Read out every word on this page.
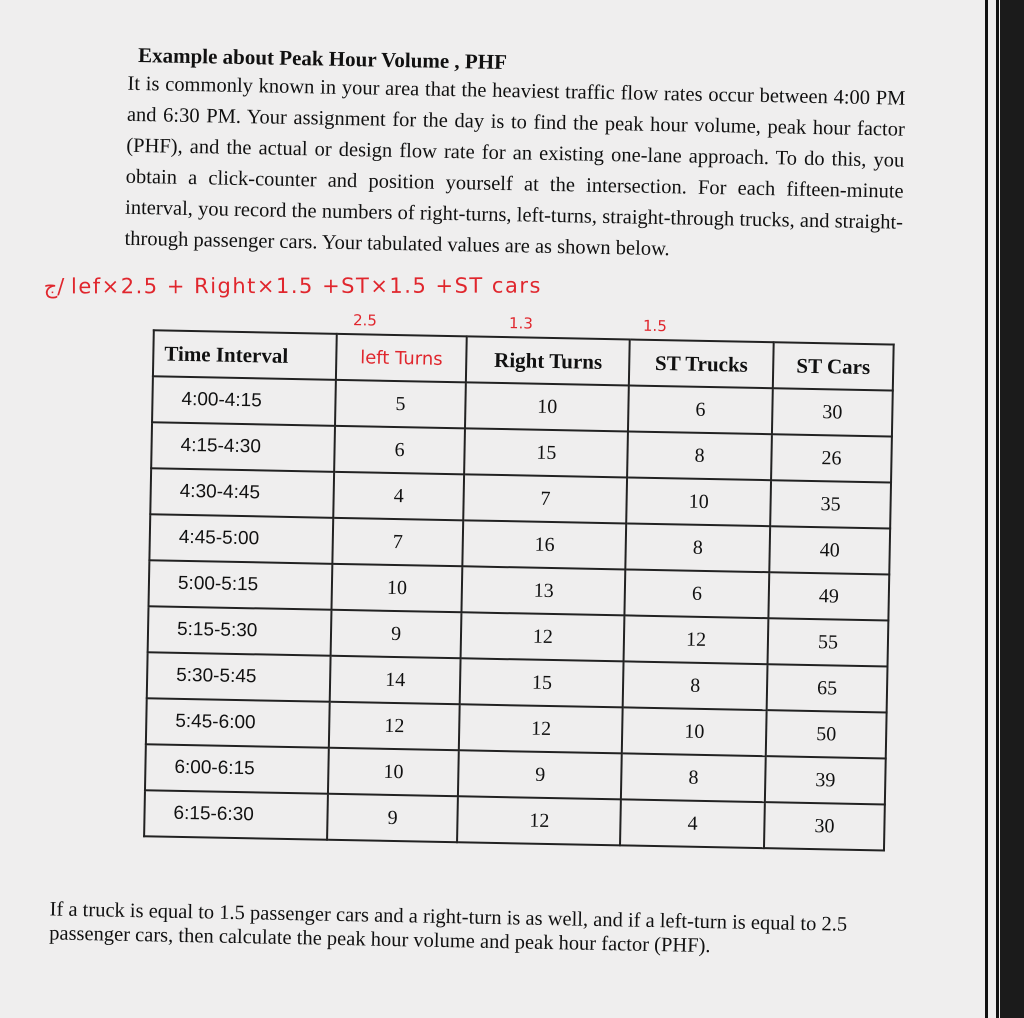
Example about Peak Hour Volume , PHF

It is commonly known in your area that the heaviest traffic flow rates occur between 4:00 PM and 6:30 PM. Your assignment for the day is to find the peak hour volume, peak hour factor (PHF), and the actual or design flow rate for an existing one-lane approach. To do this, you obtain a click-counter and position yourself at the intersection. For each fifteen-minute interval, you record the numbers of right-turns, left-turns, straight-through trucks, and straight-through passenger cars. Your tabulated values are as shown below.

ج/ lef×2.5 + Right×1.5 +ST×1.5 +ST cars
2.5	1.3	1.5
Time Interval	left Turns	Right Turns	ST Trucks	ST Cars
4:00-4:15	5	10	6	30
4:15-4:30	6	15	8	26
4:30-4:45	4	7	10	35
4:45-5:00	7	16	8	40
5:00-5:15	10	13	6	49
5:15-5:30	9	12	12	55
5:30-5:45	14	15	8	65
5:45-6:00	12	12	10	50
6:00-6:15	10	9	8	39
6:15-6:30	9	12	4	30

If a truck is equal to 1.5 passenger cars and a right-turn is as well, and if a left-turn is equal to 2.5 passenger cars, then calculate the peak hour volume and peak hour factor (PHF).
